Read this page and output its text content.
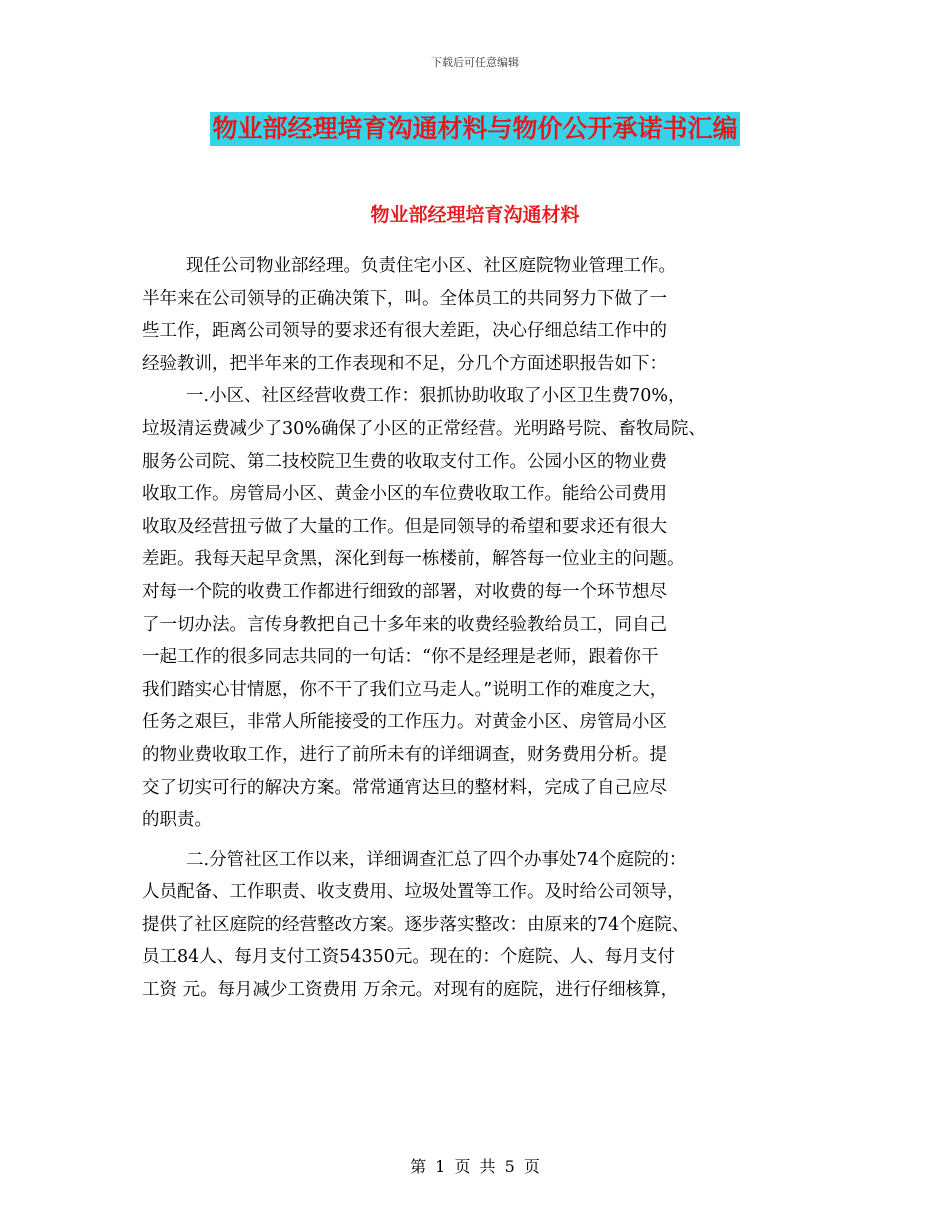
下载后可任意编辑
物业部经理培育沟通材料与物价公开承诺书汇编
物业部经理培育沟通材料
现任公司物业部经理。负责住宅小区、社区庭院物业管理工作。
半年来在公司领导的正确决策下，叫。全体员工的共同努力下做了一
些工作，距离公司领导的要求还有很大差距，决心仔细总结工作中的
经验教训，把半年来的工作表现和不足，分几个方面述职报告如下：
一.小区、社区经营收费工作：狠抓协助收取了小区卫生费70%，
垃圾清运费减少了30%确保了小区的正常经营。光明路号院、畜牧局院、
服务公司院、第二技校院卫生费的收取支付工作。公园小区的物业费
收取工作。房管局小区、黄金小区的车位费收取工作。能给公司费用
收取及经营扭亏做了大量的工作。但是同领导的希望和要求还有很大
差距。我每天起早贪黑，深化到每一栋楼前，解答每一位业主的问题。
对每一个院的收费工作都进行细致的部署，对收费的每一个环节想尽
了一切办法。言传身教把自己十多年来的收费经验教给员工，同自己
一起工作的很多同志共同的一句话：“你不是经理是老师，跟着你干
我们踏实心甘情愿，你不干了我们立马走人。”说明工作的难度之大，
任务之艰巨，非常人所能接受的工作压力。对黄金小区、房管局小区
的物业费收取工作，进行了前所未有的详细调查，财务费用分析。提
交了切实可行的解决方案。常常通宵达旦的整材料，完成了自己应尽
的职责。
二.分管社区工作以来，详细调查汇总了四个办事处74个庭院的：
人员配备、工作职责、收支费用、垃圾处置等工作。及时给公司领导，
提供了社区庭院的经营整改方案。逐步落实整改：由原来的74个庭院、
员工84人、每月支付工资54350元。现在的：个庭院、人、每月支付
工资 元。每月减少工资费用 万余元。对现有的庭院，进行仔细核算，
第 1 页 共 5 页
